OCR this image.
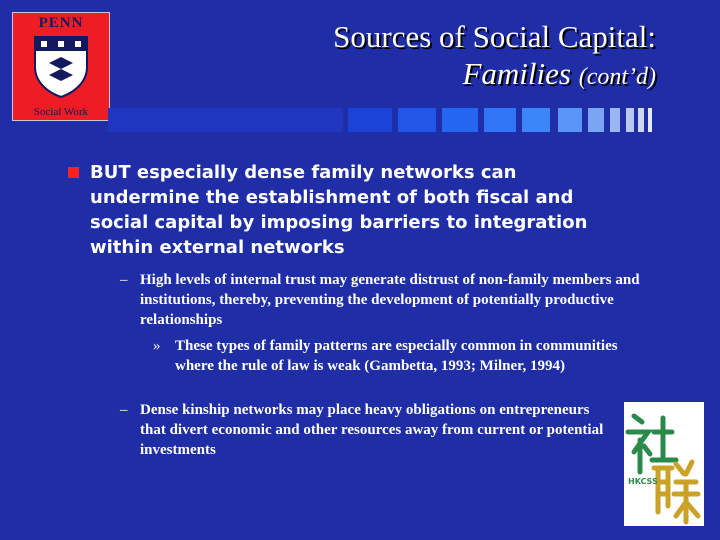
PENN
Social Work
Sources of Social Capital:
Families (cont’d)
BUT especially dense family networks can undermine the establishment of both fiscal and social capital by imposing barriers to integration within external networks
– High levels of internal trust may generate distrust of non-family members and institutions, thereby, preventing the development of potentially productive relationships
» These types of family patterns are especially common in communities where the rule of law is weak (Gambetta, 1993; Milner, 1994)
– Dense kinship networks may place heavy obligations on entrepreneurs that divert economic and other resources away from current or potential investments
HKCSS
